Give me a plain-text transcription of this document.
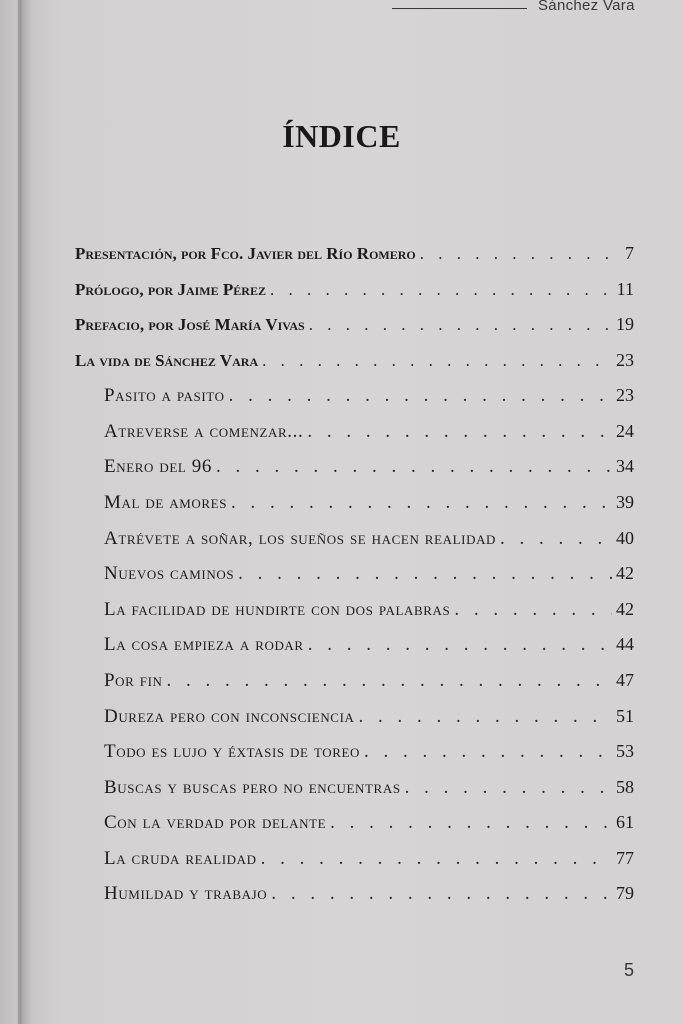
Sánchez Vara
ÍNDICE
Presentación, por Fco. Javier del Río Romero . . .	7
Prólogo, por Jaime Pérez . . .	11
Prefacio, por José María Vivas . . .	19
La vida de Sánchez Vara . . .	23
Pasito a pasito . . .	23
Atreverse a comenzar... . . .	24
Enero del 96 . . .	34
Mal de amores . . .	39
Atrévete a soñar, los sueños se hacen realidad . . .	40
Nuevos caminos . . .	42
La facilidad de hundirte con dos palabras . . .	42
La cosa empieza a rodar . . .	44
Por fin . . .	47
Dureza pero con inconsciencia . . .	51
Todo es lujo y éxtasis de toreo . . .	53
Buscas y buscas pero no encuentras . . .	58
Con la verdad por delante . . .	61
La cruda realidad . . .	77
Humildad y trabajo . . .	79
5
